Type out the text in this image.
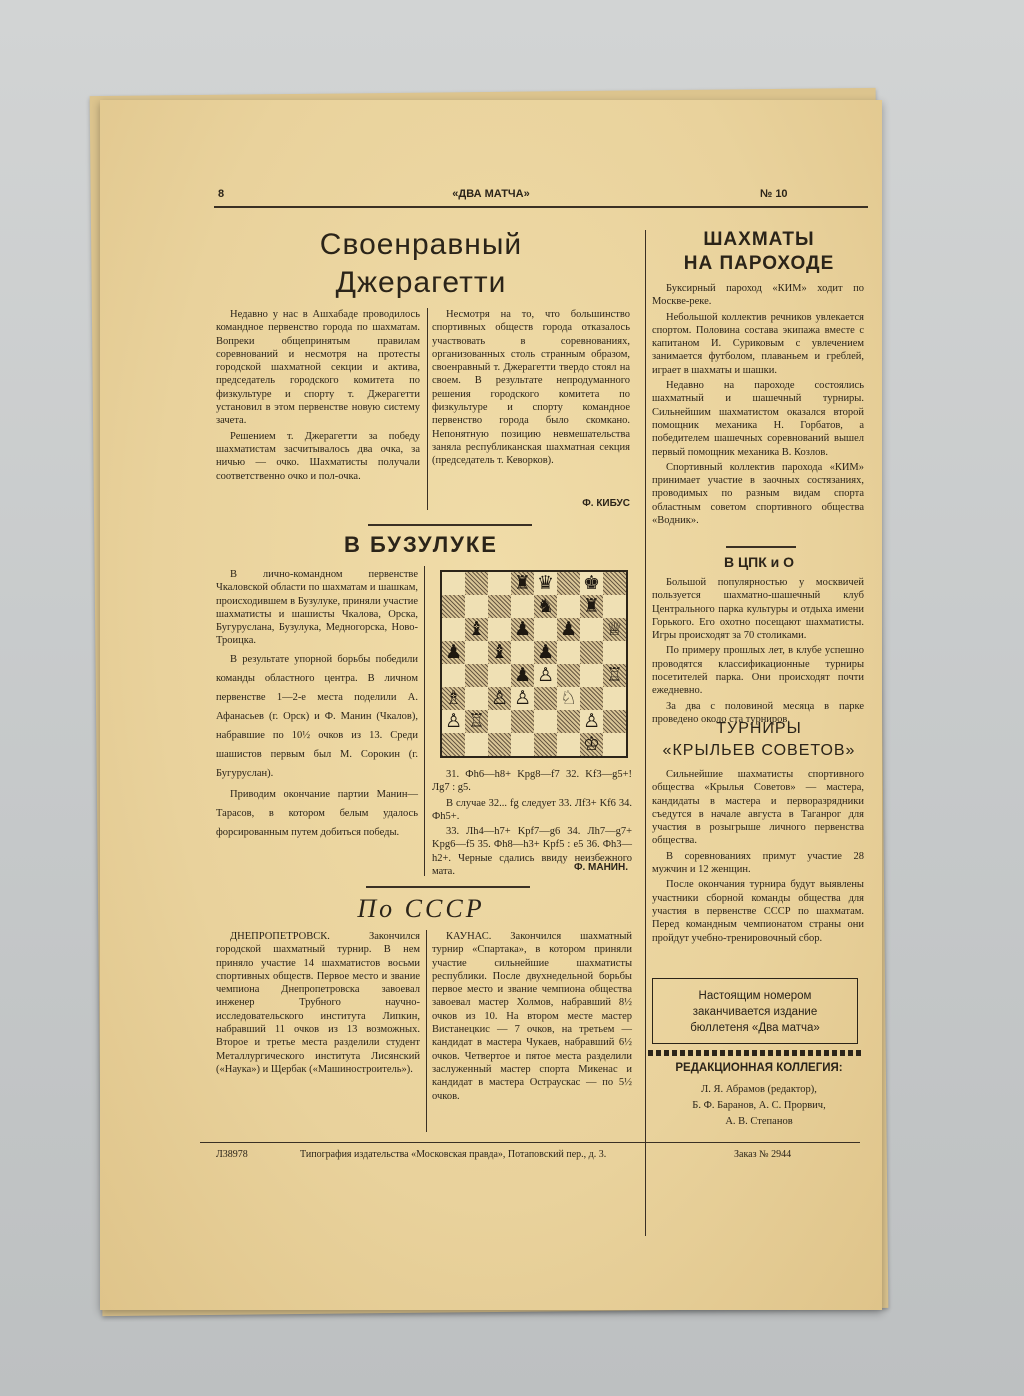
8	«ДВА МАТЧА»	№ 10
Своенравный
Джерагетти

Недавно у нас в Ашхабаде проводилось командное первенство города по шахматам. Вопреки общепринятым правилам соревнований и несмотря на протесты городской шахматной секции и актива, председатель городского комитета по физкультуре и спорту т. Джерагетти установил в этом первенстве новую систему зачета.

Решением т. Джерагетти за победу шахматистам засчитывалось два очка, за ничью — очко. Шахматисты получали соответственно очко и пол-очка.

Несмотря на то, что большинство спортивных обществ города отказалось участвовать в соревнованиях, организованных столь странным образом, своенравный т. Джерагетти твердо стоял на своем. В результате непродуманного решения городского комитета по физкультуре и спорту командное первенство города было скомкано. Непонятную позицию невмешательства заняла республиканская шахматная секция (председатель т. Кеворков).

Ф. КИБУС
В БУЗУЛУКЕ

В лично-командном первенстве Чкаловской области по шахматам и шашкам, происходившем в Бузулуке, приняли участие шахматисты и шашисты Чкалова, Орска, Бугуруслана, Бузулука, Медногорска, Ново-Троицка.

В результате упорной борьбы победили команды областного центра. В личном первенстве 1—2-е места поделили А. Афанасьев (г. Орск) и Ф. Манин (Чкалов), набравшие по 10½ очков из 13. Среди шашистов первым был М. Сорокин (г. Бугуруслан).

Приводим окончание партии Манин—Тарасов, в котором белым удалось форсированным путем добиться победы.

♜ ♛ ♚
♞ ♜
♝ ♟ ♟ ♕
♟ ♝ ♟
♟ ♙	♖
♗ ♙ ♙ ♘
♙ ♖	♙
♔

31. Фh6—h8+ Kpg8—f7 32. Kf3—g5+! Лg7 : g5.

В случае 32... fg следует 33. Лf3+ Kf6 34. Фh5+.

33. Лh4—h7+ Kpf7—g6 34. Лh7—g7+ Kpg6—f5 35. Фh8—h3+ Kpf5 : e5 36. Фh3—h2+. Черные сдались ввиду неизбежного мата.	Ф. МАНИН.
По СССР

ДНЕПРОПЕТРОВСК. Закончился городской шахматный турнир. В нем приняло участие 14 шахматистов восьми спортивных обществ. Первое место и звание чемпиона Днепропетровска завоевал инженер Трубного научно-исследовательского института Липкин, набравший 11 очков из 13 возможных. Второе и третье места разделили студент Металлургического института Лисянский («Наука») и Щербак («Машиностроитель»).

КАУНАС. Закончился шахматный турнир «Спартака», в котором приняли участие сильнейшие шахматисты республики. После двухнедельной борьбы первое место и звание чемпиона общества завоевал мастер Холмов, набравший 8½ очков из 10. На втором месте мастер Вистанецкис — 7 очков, на третьем — кандидат в мастера Чукаев, набравший 6½ очков. Четвертое и пятое места разделили заслуженный мастер спорта Микенас и кандидат в мастера Остраускас — по 5½ очков.

ШАХМАТЫ
НА ПАРОХОДЕ

Буксирный пароход «КИМ» ходит по Москве-реке.

Небольшой коллектив речников увлекается спортом. Половина состава экипажа вместе с капитаном И. Суриковым с увлечением занимается футболом, плаваньем и греблей, играет в шахматы и шашки.

Недавно на пароходе состоялись шахматный и шашечный турниры. Сильнейшим шахматистом оказался второй помощник механика Н. Горбатов, а победителем шашечных соревнований вышел первый помощник механика В. Козлов.

Спортивный коллектив парохода «КИМ» принимает участие в заочных состязаниях, проводимых по разным видам спорта областным советом спортивного общества «Водник».

В ЦПК и О

Большой популярностью у москвичей пользуется шахматно-шашечный клуб Центрального парка культуры и отдыха имени Горького. Его охотно посещают шахматисты. Игры происходят за 70 столиками.

По примеру прошлых лет, в клубе успешно проводятся классификационные турниры посетителей парка. Они происходят почти ежедневно.

За два с половиной месяца в парке проведено около ста турниров.

ТУРНИРЫ
«КРЫЛЬЕВ СОВЕТОВ»

Сильнейшие шахматисты спортивного общества «Крылья Советов» — мастера, кандидаты в мастера и перворазрядники съедутся в начале августа в Таганрог для участия в розыгрыше личного первенства общества.

В соревнованиях примут участие 28 мужчин и 12 женщин.

После окончания турнира будут выявлены участники сборной команды общества для участия в первенстве СССР по шахматам. Перед командным чемпионатом страны они пройдут учебно-тренировочный сбор.

Настоящим номером
заканчивается издание
бюллетеня «Два матча»
РЕДАКЦИОННАЯ КОЛЛЕГИЯ:

Л. Я. Абрамов (редактор),

Б. Ф. Баранов, А. С. Прорвич,

А. В. Степанов

Л38978	Типография издательства «Московская правда», Потаповский пер., д. 3.	Заказ № 2944
